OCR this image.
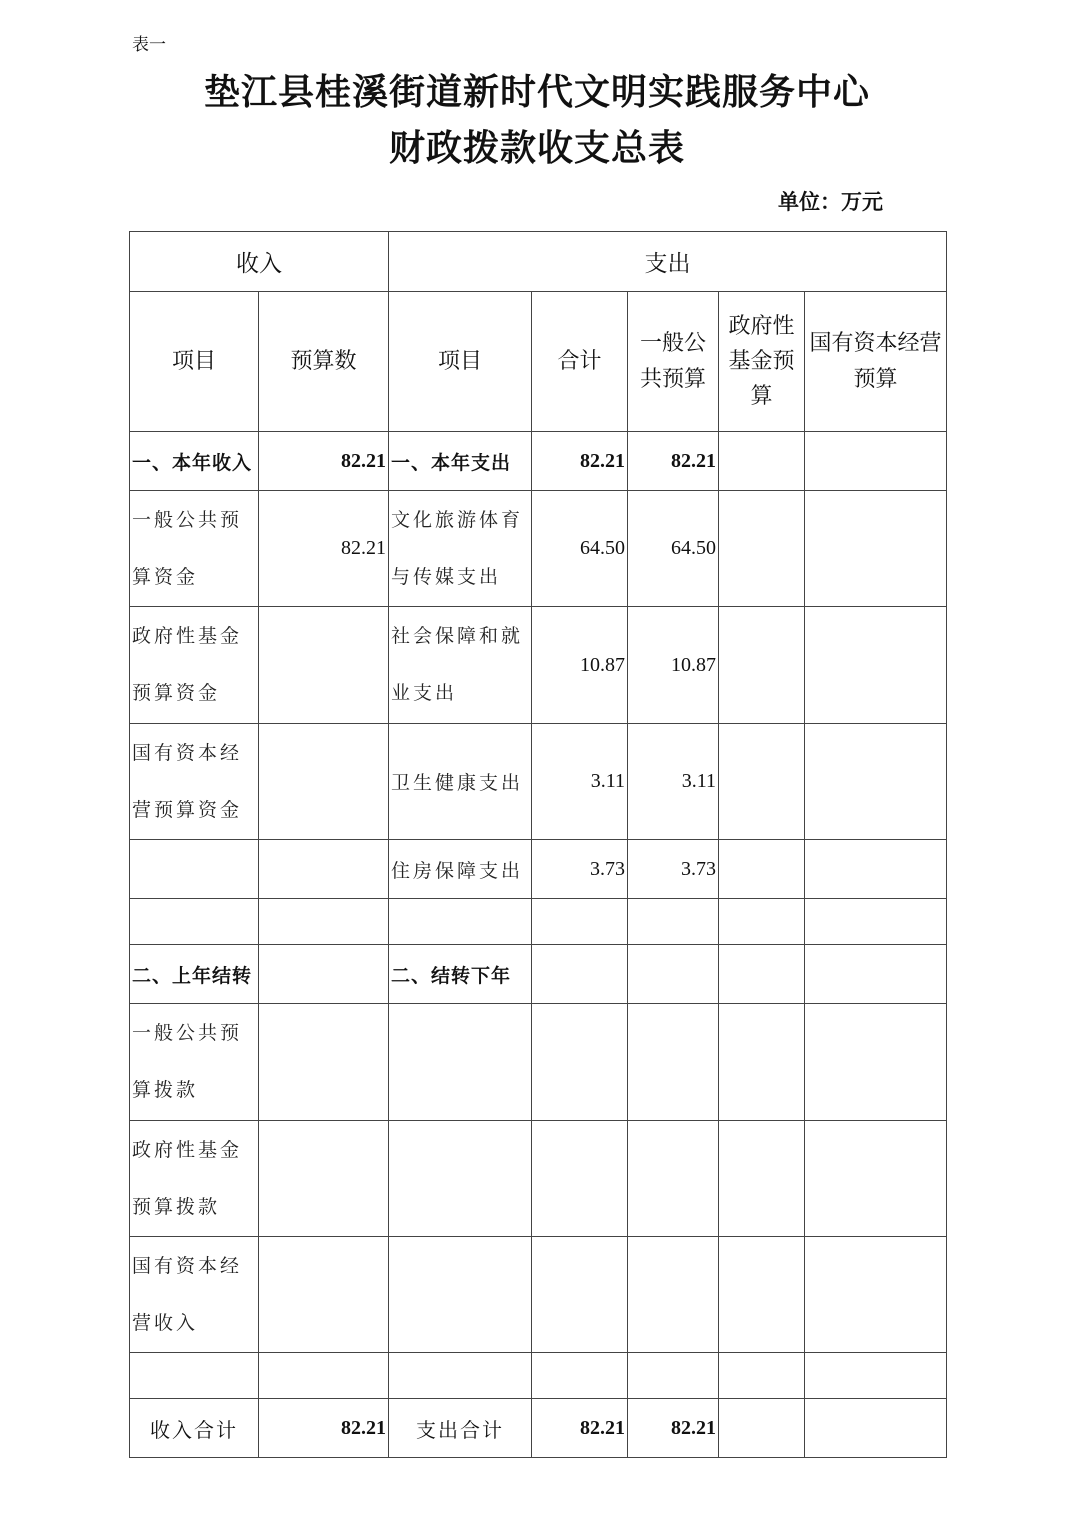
表一
垫江县桂溪街道新时代文明实践服务中心
财政拨款收支总表
单位：万元
收入		支出				
项目	预算数	项目	合计	一般公共预算	政府性基金预算	国有资本经营预算
一、本年收入	82.21	一、本年支出	82.21	82.21		
一般公共预算资金	82.21	文化旅游体育与传媒支出	64.50	64.50		
政府性基金预算资金		社会保障和就业支出	10.87	10.87		
国有资本经营预算资金		卫生健康支出	3.11	3.11		
		住房保障支出	3.73	3.73		

二、上年结转		二、结转下年				
一般公共预算拨款						
政府性基金预算拨款						
国有资本经营收入						

收入合计	82.21	支出合计	82.21	82.21		
